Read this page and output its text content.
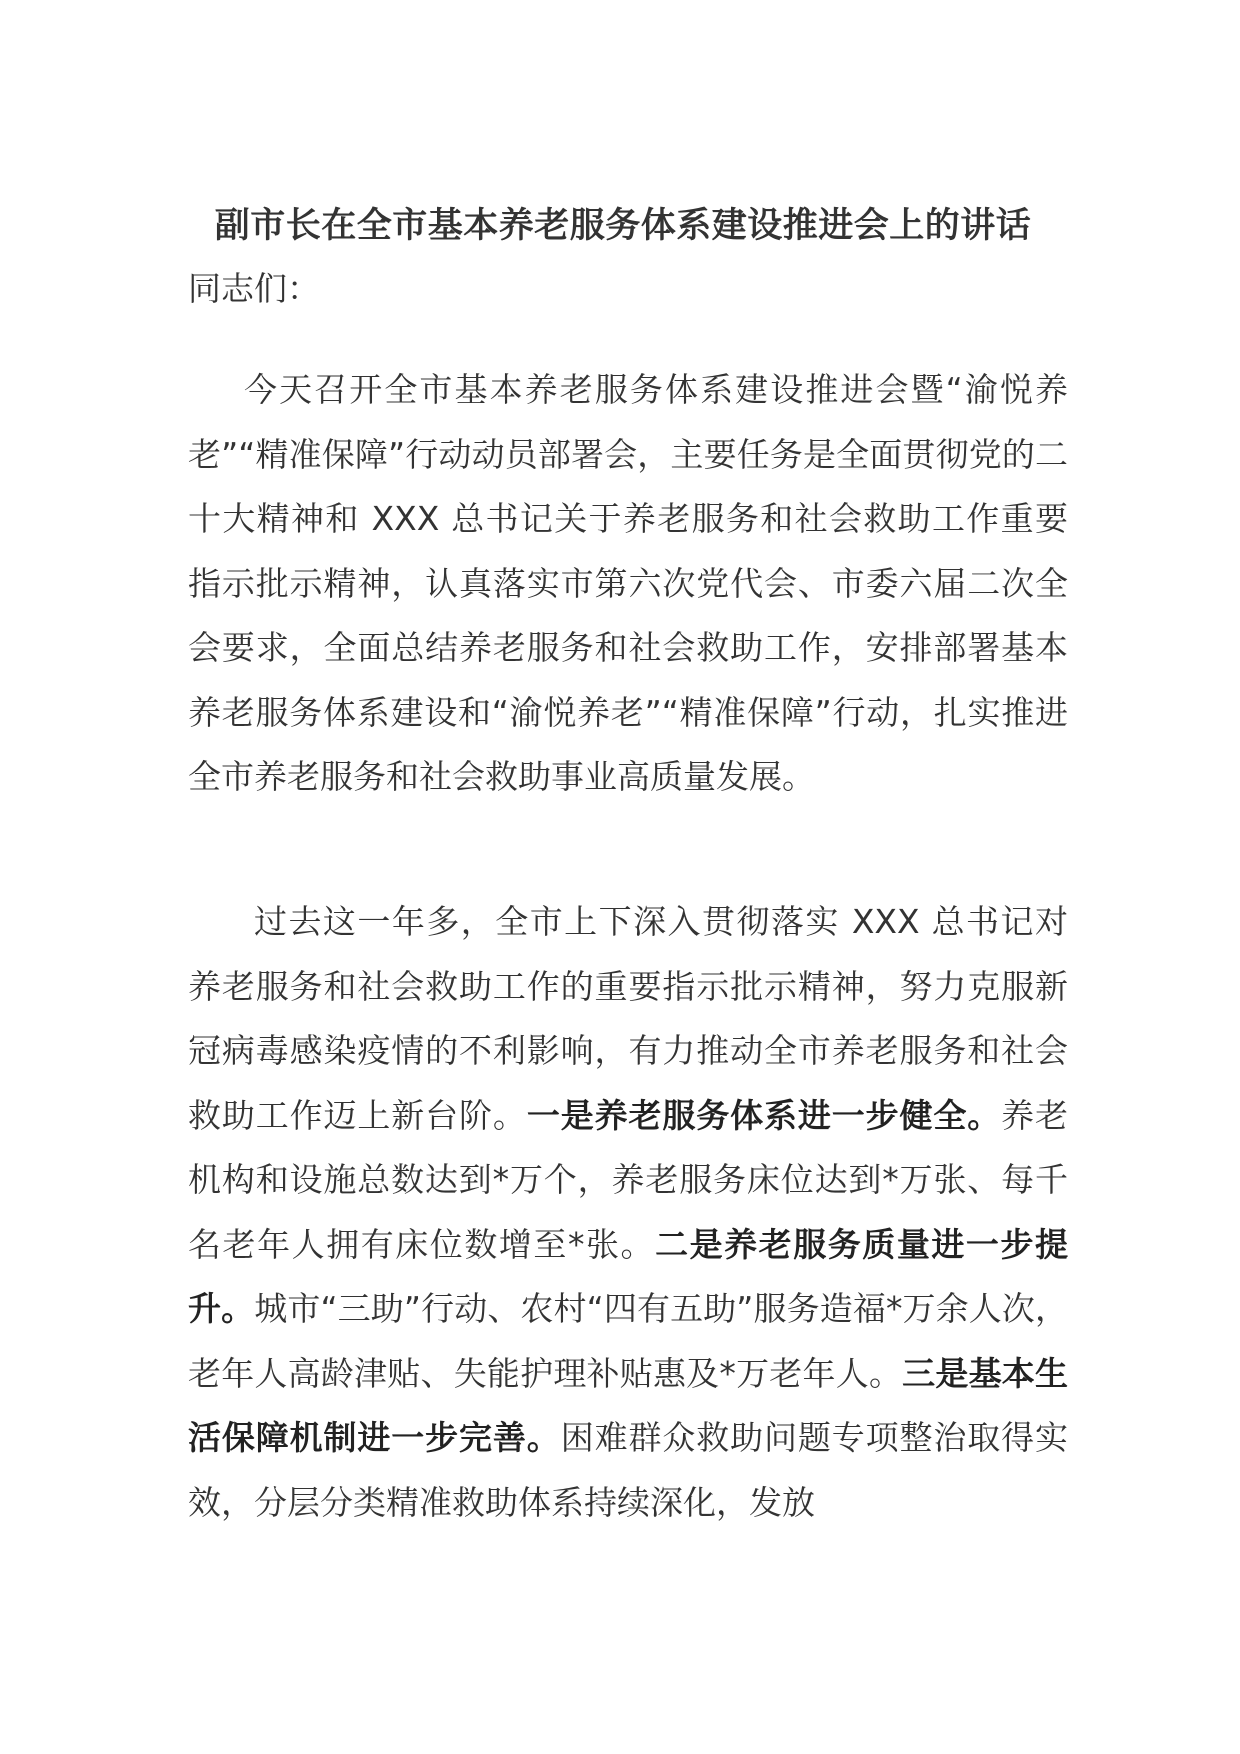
副市长在全市基本养老服务体系建设推进会上的讲话

同志们：

今天召开全市基本养老服务体系建设推进会暨“渝悦养老”“精准保障”行动动员部署会，主要任务是全面贯彻党的二十大精神和 XXX 总书记关于养老服务和社会救助工作重要指示批示精神，认真落实市第六次党代会、市委六届二次全会要求，全面总结养老服务和社会救助工作，安排部署基本养老服务体系建设和“渝悦养老”“精准保障”行动，扎实推进全市养老服务和社会救助事业高质量发展。

过去这一年多，全市上下深入贯彻落实 XXX 总书记对养老服务和社会救助工作的重要指示批示精神，努力克服新冠病毒感染疫情的不利影响，有力推动全市养老服务和社会救助工作迈上新台阶。一是养老服务体系进一步健全。养老机构和设施总数达到*万个，养老服务床位达到*万张、每千名老年人拥有床位数增至*张。二是养老服务质量进一步提升。城市“三助”行动、农村“四有五助”服务造福*万余人次，老年人高龄津贴、失能护理补贴惠及*万老年人。三是基本生活保障机制进一步完善。困难群众救助问题专项整治取得实效，分层分类精准救助体系持续深化，发放
